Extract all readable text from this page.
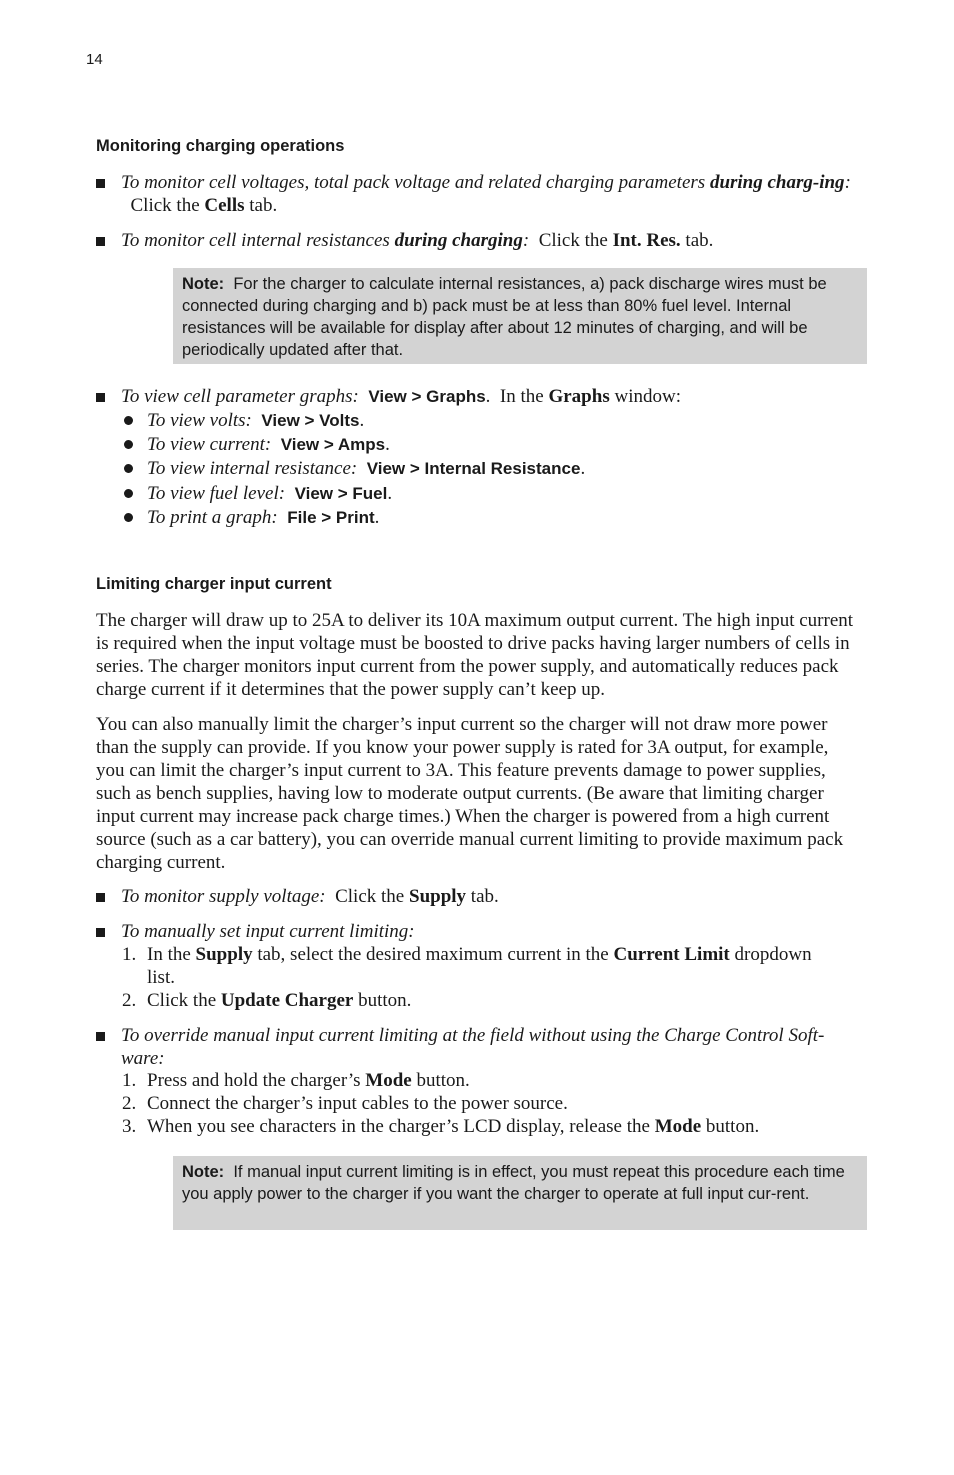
14
Monitoring charging operations
To monitor cell voltages, total pack voltage and related charging parameters during charg-ing:  Click the Cells tab.
To monitor cell internal resistances during charging:  Click the Int. Res. tab.
Note: For the charger to calculate internal resistances, a) pack discharge wires must be connected during charging and b) pack must be at less than 80% fuel level. Internal resistances will be available for display after about 12 minutes of charging, and will be periodically updated after that.
To view cell parameter graphs: View > Graphs.  In the Graphs window:
To view volts: View > Volts.
To view current: View > Amps.
To view internal resistance: View > Internal Resistance.
To view fuel level: View > Fuel.
To print a graph: File > Print.
Limiting charger input current
The charger will draw up to 25A to deliver its 10A maximum output current. The high input current is required when the input voltage must be boosted to drive packs having larger numbers of cells in series. The charger monitors input current from the power supply, and automatically reduces pack charge current if it determines that the power supply can’t keep up.
You can also manually limit the charger’s input current so the charger will not draw more power than the supply can provide. If you know your power supply is rated for 3A output, for example, you can limit the charger’s input current to 3A. This feature prevents damage to power supplies, such as bench supplies, having low to moderate output currents. (Be aware that limiting charger input current may increase pack charge times.) When the charger is powered from a high current source (such as a car battery), you can override manual current limiting to provide maximum pack charging current.
To monitor supply voltage:  Click the Supply tab.
To manually set input current limiting:
1. In the Supply tab, select the desired maximum current in the Current Limit dropdown list.
2. Click the Update Charger button.
To override manual input current limiting at the field without using the Charge Control Soft-ware:
1. Press and hold the charger’s Mode button.
2. Connect the charger’s input cables to the power source.
3. When you see characters in the charger’s LCD display, release the Mode button.
Note: If manual input current limiting is in effect, you must repeat this procedure each time you apply power to the charger if you want the charger to operate at full input cur-rent.
